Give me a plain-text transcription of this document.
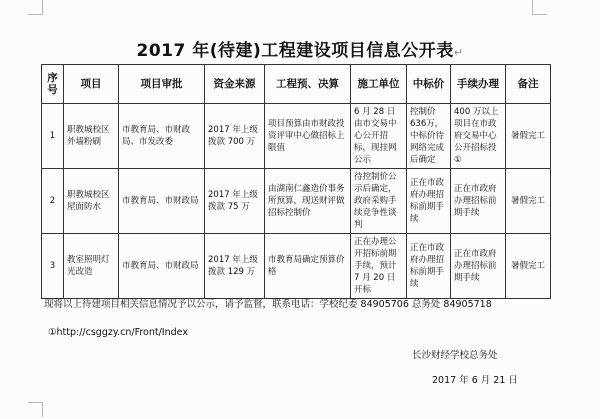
2017 年(待建)工程建设项目信息公开表↵
序号	项目	项目审批	资金来源	工程预、决算	施工单位	中标价	手续办理	备注
1	职教城校区外墙粉刷	市教育局、市财政局、市发改委	2017 年上级拨款 700 万	项目预算由市财政投资评审中心做招标上限值	6 月 28 日由市交易中心公开招标，现挂网公示	控制价636万，中标价待网络完成后确定	400 万以上项目在市政府交易中心公开招标投①	暑假完工
2	职教城校区屋面防水	市教育局、市财政局	2017 年上级拨款 75 万	由湖南仁鑫造价事务所预算，现送财评做招标控制价	待控制价公示后确定，政府采购手续竞争性谈判	正在市政府办理招标前期手续	正在市政府办理招标前期手续	暑假完工
3	教室照明灯光改造	市教育局、市财政局	2017 年上级拨款 129 万	市教育局确定预算价格	正在办理公开招标前期手续，预计 7 月 20 日开标	正在市政府办理招标前期手续	正在市政府办理招标前期手续	暑假完工
现将以上待建项目相关信息情况予以公示，请予监督，联系电话：学校纪委 84905706 总务处 84905718
①http://csggzy.cn/Front/Index
长沙财经学校总务处
2017 年 6 月 21 日
